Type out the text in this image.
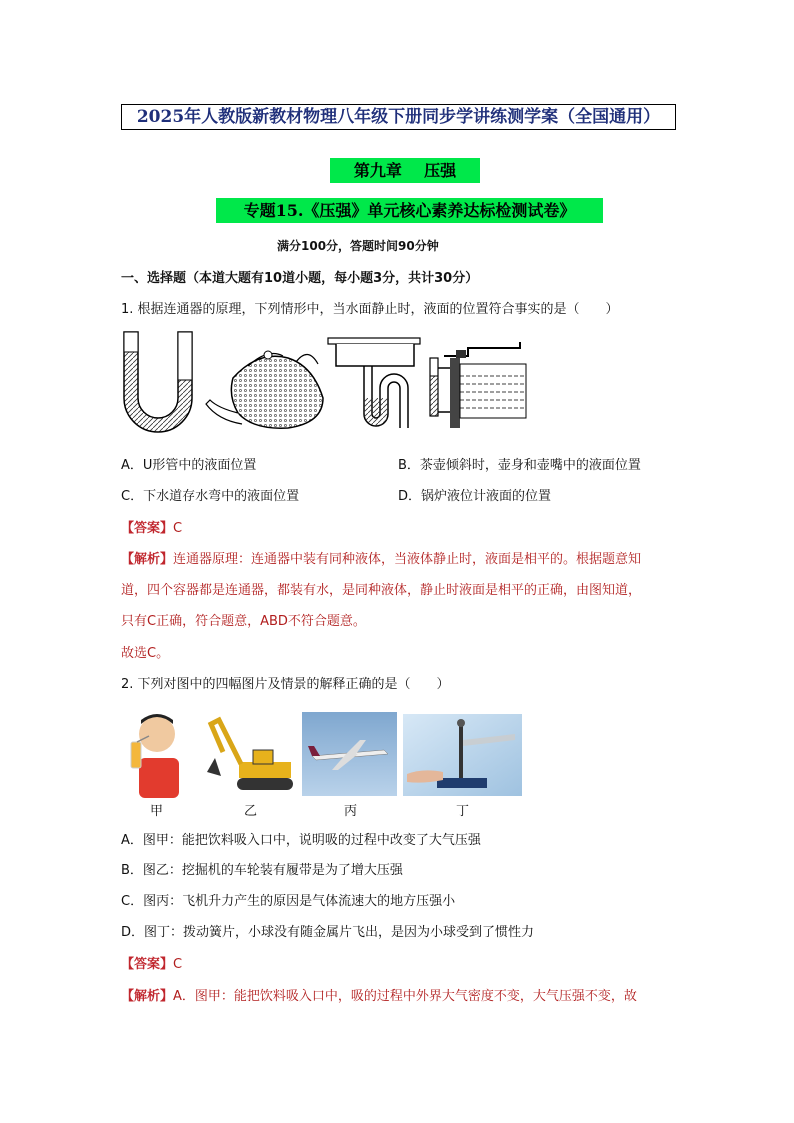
2025年人教版新教材物理八年级下册同步学讲练测学案（全国通用）
第九章    压强
专题15.《压强》单元核心素养达标检测试卷》
满分100分，答题时间90分钟
一、选择题（本道大题有10道小题，每小题3分，共计30分）
1. 根据连通器的原理，下列情形中，当水面静止时，液面的位置符合事实的是（　　）
A．U形管中的液面位置	B．茶壶倾斜时，壶身和壶嘴中的液面位置
C．下水道存水弯中的液面位置	D．锅炉液位计液面的位置
【答案】C
【解析】连通器原理：连通器中装有同种液体，当液体静止时，液面是相平的。根据题意知
道，四个容器都是连通器，都装有水，是同种液体，静止时液面是相平的正确，由图知道，
只有C正确，符合题意，ABD不符合题意。
故选C。
2. 下列对图中的四幅图片及情景的解释正确的是（　　）
甲	乙	丙	丁
A．图甲：能把饮料吸入口中，说明吸的过程中改变了大气压强
B．图乙：挖掘机的车轮装有履带是为了增大压强
C．图丙：飞机升力产生的原因是气体流速大的地方压强小
D．图丁：拨动簧片，小球没有随金属片飞出，是因为小球受到了惯性力
【答案】C
【解析】A．图甲：能把饮料吸入口中，吸的过程中外界大气密度不变，大气压强不变，故
